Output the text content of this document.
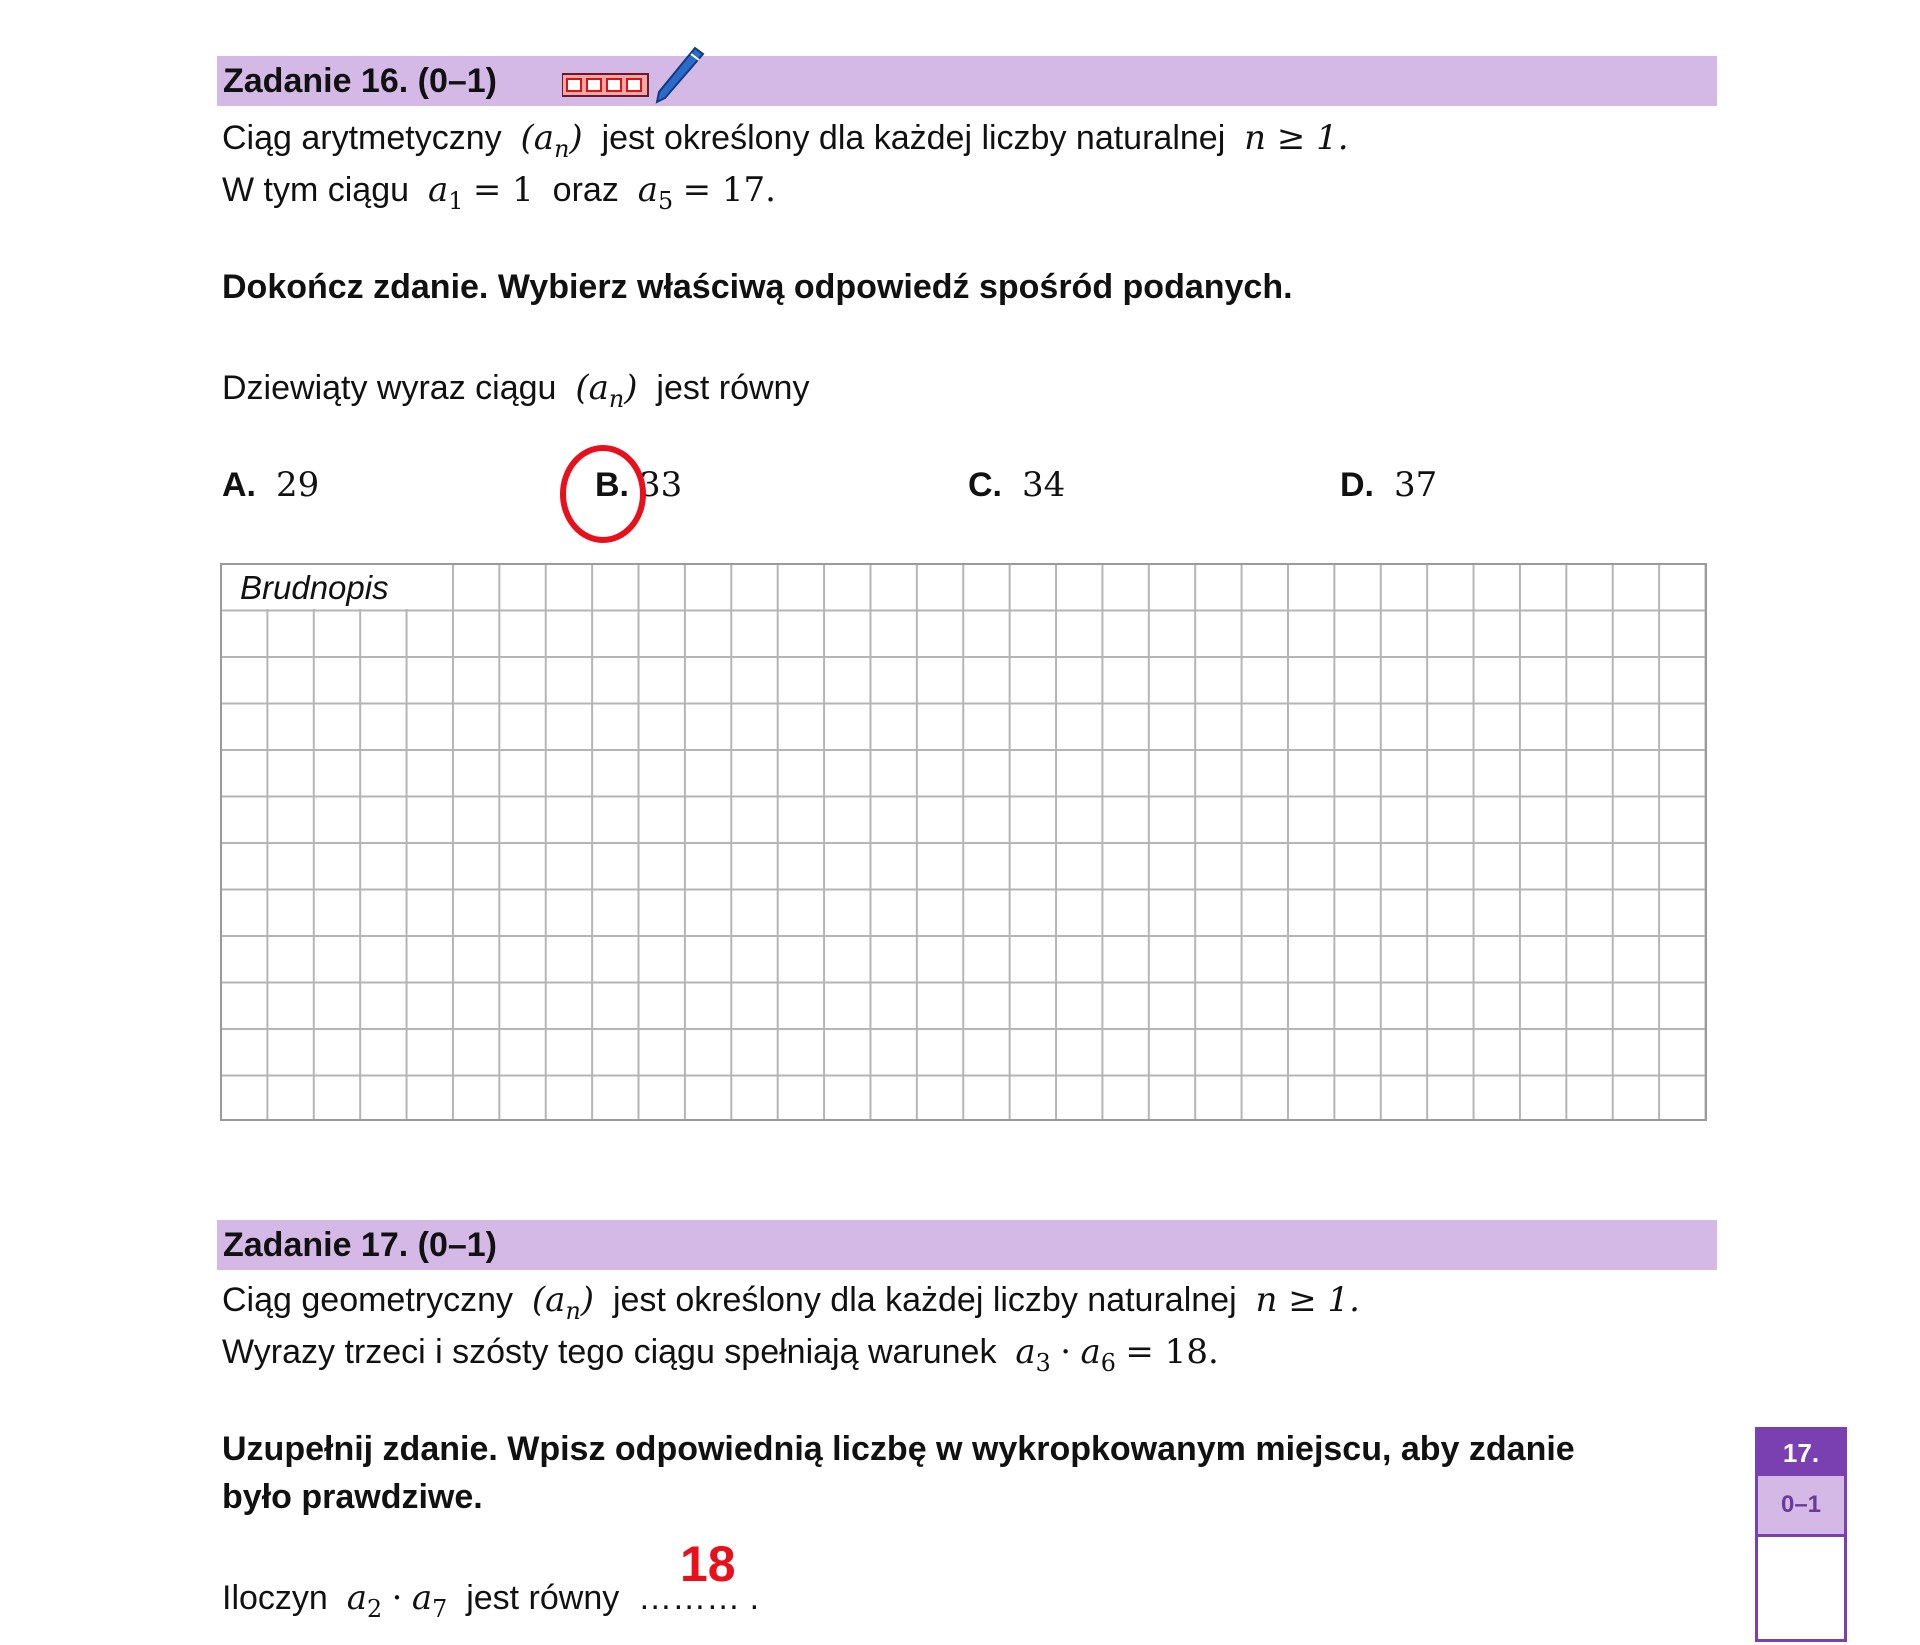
Zadanie 16. (0–1)
Ciąg arytmetyczny $(a_n)$ jest określony dla każdej liczby naturalnej n ≥ 1.
W tym ciągu $a_1 = 1$ oraz $a_5 = 17$.
Dokończ zdanie. Wybierz właściwą odpowiedź spośród podanych.
Dziewiąty wyraz ciągu $(a_n)$ jest równy
A. 29	B. 33	C. 34	D. 37
Brudnopis
Zadanie 17. (0–1)
Ciąg geometryczny $(a_n)$ jest określony dla każdej liczby naturalnej n ≥ 1.
Wyrazy trzeci i szósty tego ciągu spełniają warunek $a_3 \cdot a_6 = 18$.
Uzupełnij zdanie. Wpisz odpowiednią liczbę w wykropkowanym miejscu, aby zdanie
było prawdziwe.
18
Iloczyn $a_2 \cdot a_7$ jest równy ……… .
17.
0–1
